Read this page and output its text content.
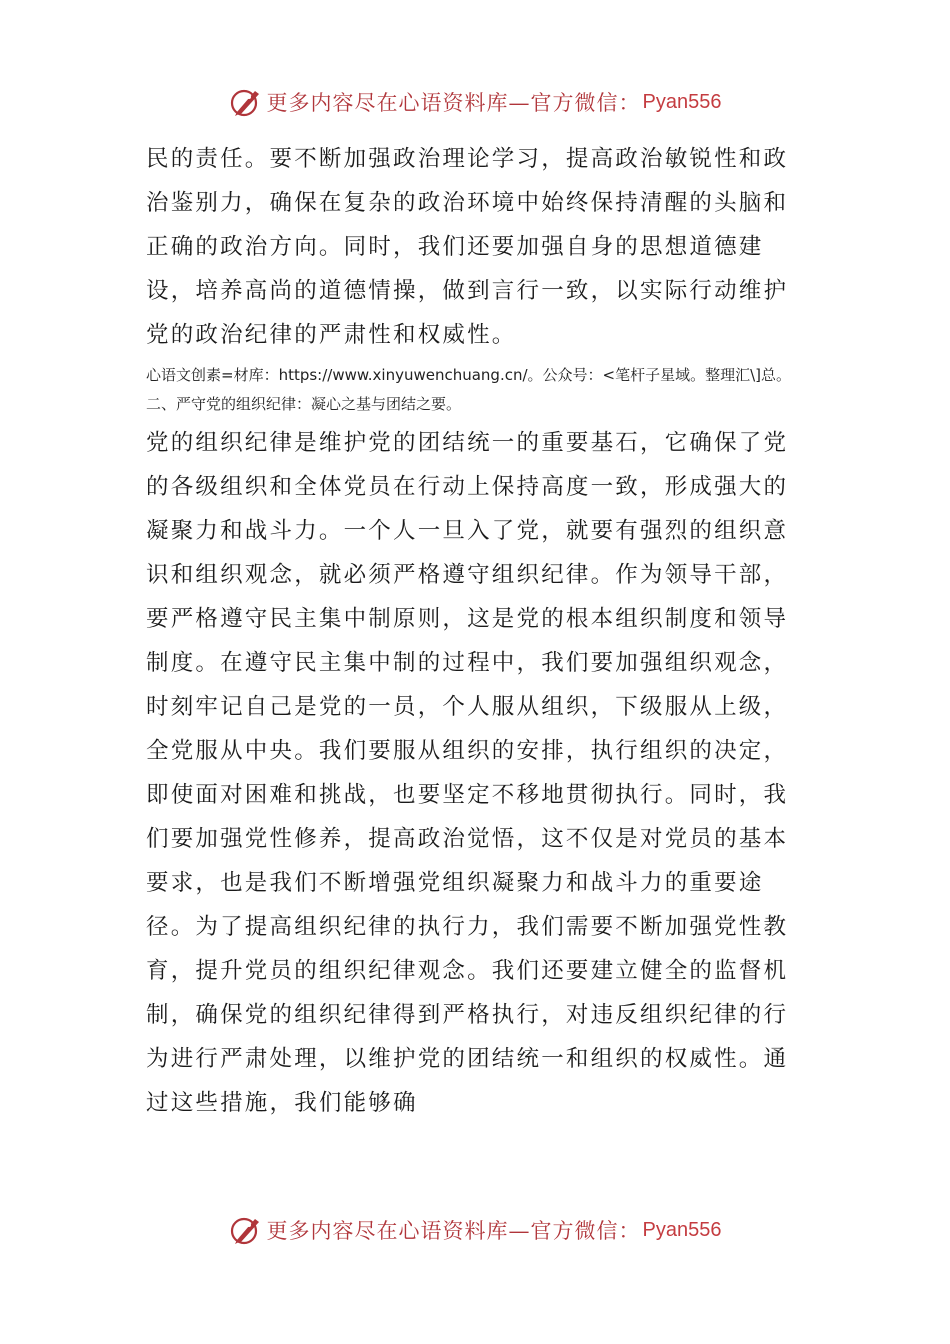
更多内容尽在心语资料库—官方微信： Pyan556

民的责任。要不断加强政治理论学习，提高政治敏锐性和政治鉴别力，确保在复杂的政治环境中始终保持清醒的头脑和正确的政治方向。同时，我们还要加强自身的思想道德建设，培养高尚的道德情操，做到言行一致，以实际行动维护党的政治纪律的严肃性和权威性。

心语文创素=材库：https://www.xinyuwenchuang.cn/。公众号：<笔杆子星域。整理汇\]总。二、严守党的组织纪律：凝心之基与团结之要。

党的组织纪律是维护党的团结统一的重要基石，它确保了党的各级组织和全体党员在行动上保持高度一致，形成强大的凝聚力和战斗力。一个人一旦入了党，就要有强烈的组织意识和组织观念，就必须严格遵守组织纪律。作为领导干部，要严格遵守民主集中制原则，这是党的根本组织制度和领导制度。在遵守民主集中制的过程中，我们要加强组织观念，时刻牢记自己是党的一员，个人服从组织，下级服从上级，全党服从中央。我们要服从组织的安排，执行组织的决定，即使面对困难和挑战，也要坚定不移地贯彻执行。同时，我们要加强党性修养，提高政治觉悟，这不仅是对党员的基本要求，也是我们不断增强党组织凝聚力和战斗力的重要途径。为了提高组织纪律的执行力，我们需要不断加强党性教育，提升党员的组织纪律观念。我们还要建立健全的监督机制，确保党的组织纪律得到严格执行，对违反组织纪律的行为进行严肃处理，以维护党的团结统一和组织的权威性。通过这些措施，我们能够确

更多内容尽在心语资料库—官方微信： Pyan556
